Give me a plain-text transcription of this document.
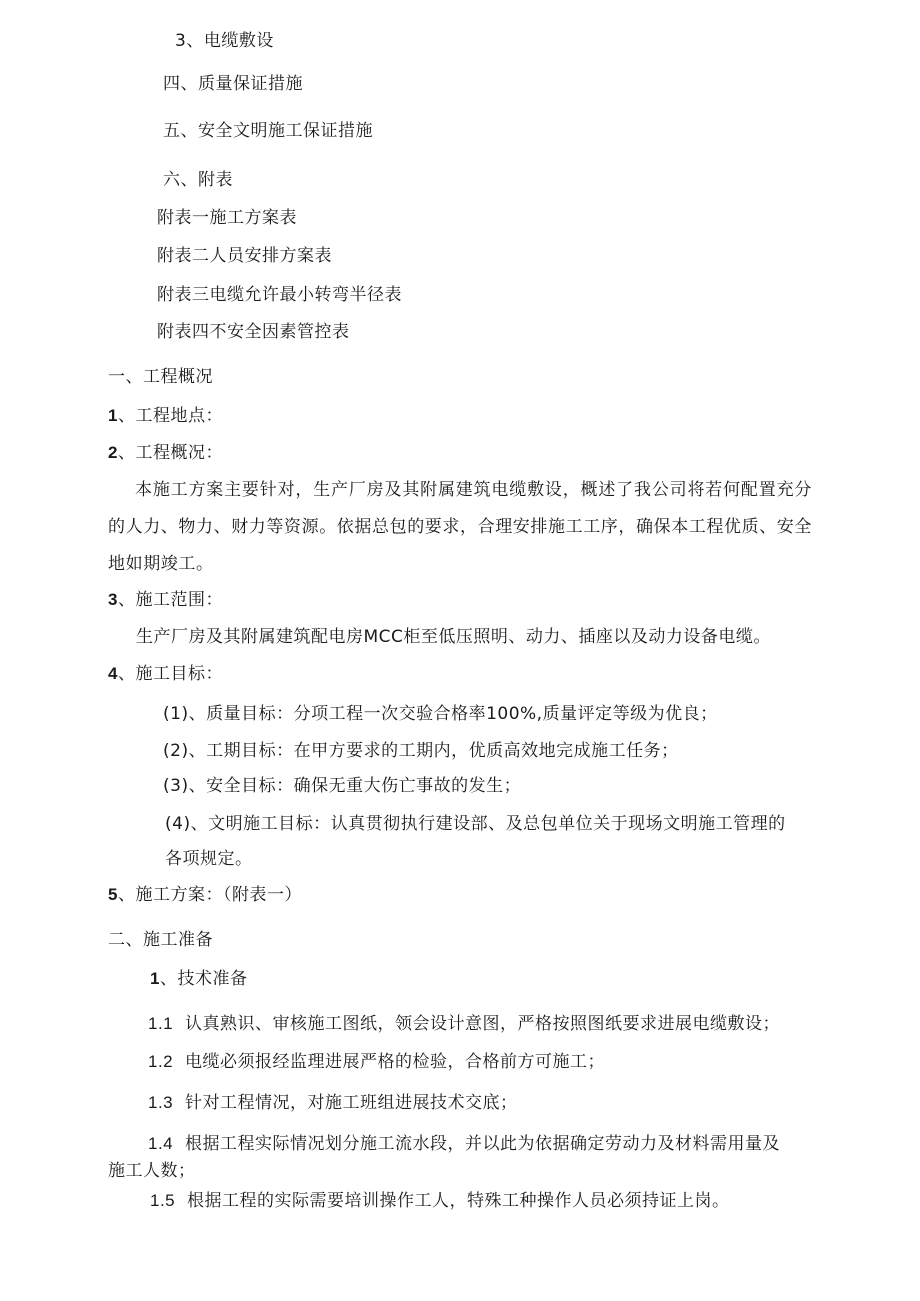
3、电缆敷设
四、质量保证措施
五、安全文明施工保证措施
六、附表
附表一施工方案表
附表二人员安排方案表
附表三电缆允许最小转弯半径表
附表四不安全因素管控表
一、工程概况
1、工程地点：
2、工程概况：
本施工方案主要针对，生产厂房及其附属建筑电缆敷设，概述了我公司将若何配置充分的人力、物力、财力等资源。依据总包的要求，合理安排施工工序，确保本工程优质、安全地如期竣工。
3、施工范围：
生产厂房及其附属建筑配电房MCC柜至低压照明、动力、插座以及动力设备电缆。
4、施工目标：
(1)、质量目标：分项工程一次交验合格率100%,质量评定等级为优良；
(2)、工期目标：在甲方要求的工期内，优质高效地完成施工任务；
(3)、安全目标：确保无重大伤亡事故的发生；
(4)、文明施工目标：认真贯彻执行建设部、及总包单位关于现场文明施工管理的
各项规定。
5、施工方案：（附表一）
二、施工准备
1、技术准备
1.1 认真熟识、审核施工图纸，领会设计意图，严格按照图纸要求进展电缆敷设；
1.2 电缆必须报经监理进展严格的检验，合格前方可施工；
1.3 针对工程情况，对施工班组进展技术交底；
1.4 根据工程实际情况划分施工流水段，并以此为依据确定劳动力及材料需用量及
施工人数；
1.5 根据工程的实际需要培训操作工人，特殊工种操作人员必须持证上岗。
